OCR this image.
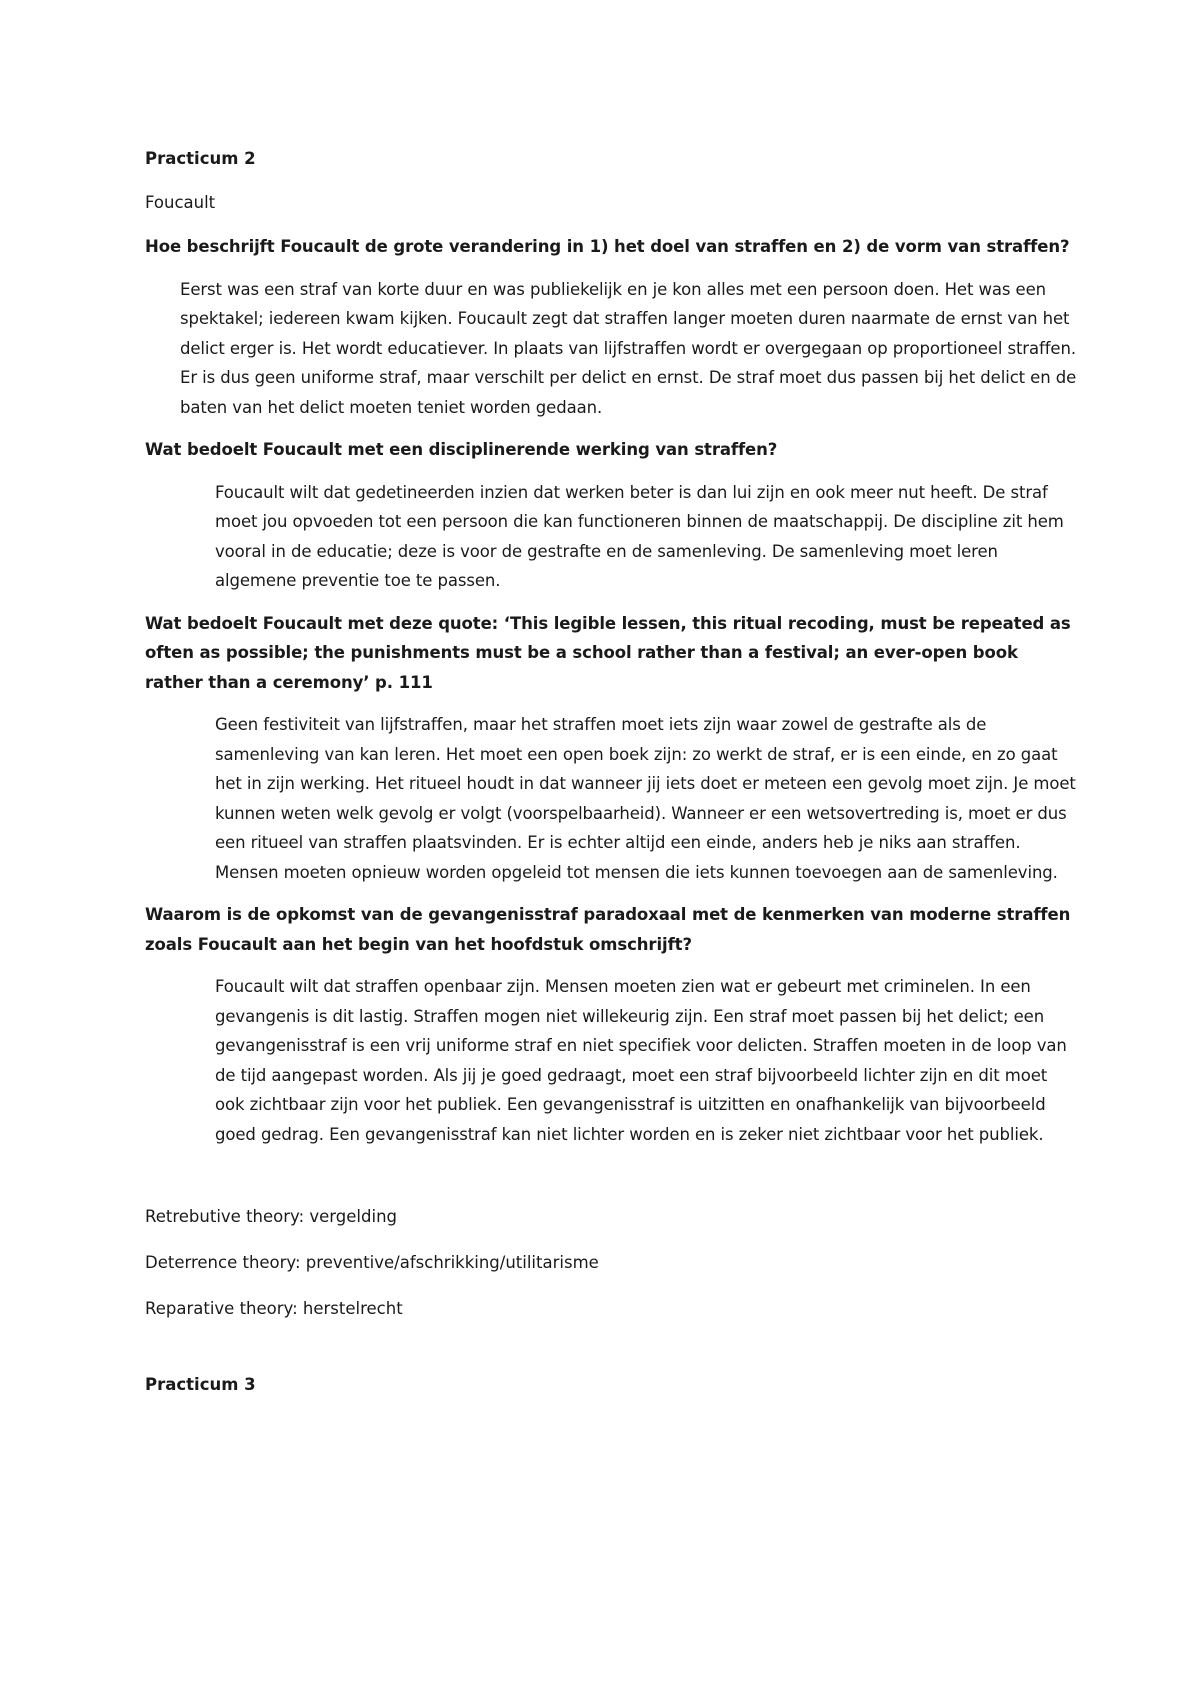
Practicum 2

Foucault

Hoe beschrijft Foucault de grote verandering in 1) het doel van straffen en 2) de vorm van straffen?

Eerst was een straf van korte duur en was publiekelijk en je kon alles met een persoon doen. Het was een spektakel; iedereen kwam kijken. Foucault zegt dat straffen langer moeten duren naarmate de ernst van het delict erger is. Het wordt educatiever. In plaats van lijfstraffen wordt er overgegaan op proportioneel straffen. Er is dus geen uniforme straf, maar verschilt per delict en ernst. De straf moet dus passen bij het delict en de baten van het delict moeten teniet worden gedaan.

Wat bedoelt Foucault met een disciplinerende werking van straffen?

Foucault wilt dat gedetineerden inzien dat werken beter is dan lui zijn en ook meer nut heeft. De straf moet jou opvoeden tot een persoon die kan functioneren binnen de maatschappij. De discipline zit hem vooral in de educatie; deze is voor de gestrafte en de samenleving. De samenleving moet leren algemene preventie toe te passen.

Wat bedoelt Foucault met deze quote: ‘This legible lessen, this ritual recoding, must be repeated as often as possible; the punishments must be a school rather than a festival; an ever-open book rather than a ceremony’ p. 111

Geen festiviteit van lijfstraffen, maar het straffen moet iets zijn waar zowel de gestrafte als de samenleving van kan leren. Het moet een open boek zijn: zo werkt de straf, er is een einde, en zo gaat het in zijn werking. Het ritueel houdt in dat wanneer jij iets doet er meteen een gevolg moet zijn. Je moet kunnen weten welk gevolg er volgt (voorspelbaarheid). Wanneer er een wetsovertreding is, moet er dus een ritueel van straffen plaatsvinden. Er is echter altijd een einde, anders heb je niks aan straffen. Mensen moeten opnieuw worden opgeleid tot mensen die iets kunnen toevoegen aan de samenleving.

Waarom is de opkomst van de gevangenisstraf paradoxaal met de kenmerken van moderne straffen zoals Foucault aan het begin van het hoofdstuk omschrijft?

Foucault wilt dat straffen openbaar zijn. Mensen moeten zien wat er gebeurt met criminelen. In een gevangenis is dit lastig. Straffen mogen niet willekeurig zijn. Een straf moet passen bij het delict; een gevangenisstraf is een vrij uniforme straf en niet specifiek voor delicten. Straffen moeten in de loop van de tijd aangepast worden. Als jij je goed gedraagt, moet een straf bijvoorbeeld lichter zijn en dit moet ook zichtbaar zijn voor het publiek. Een gevangenisstraf is uitzitten en onafhankelijk van bijvoorbeeld goed gedrag. Een gevangenisstraf kan niet lichter worden en is zeker niet zichtbaar voor het publiek.

Retrebutive theory: vergelding

Deterrence theory: preventive/afschrikking/utilitarisme

Reparative theory: herstelrecht

Practicum 3
